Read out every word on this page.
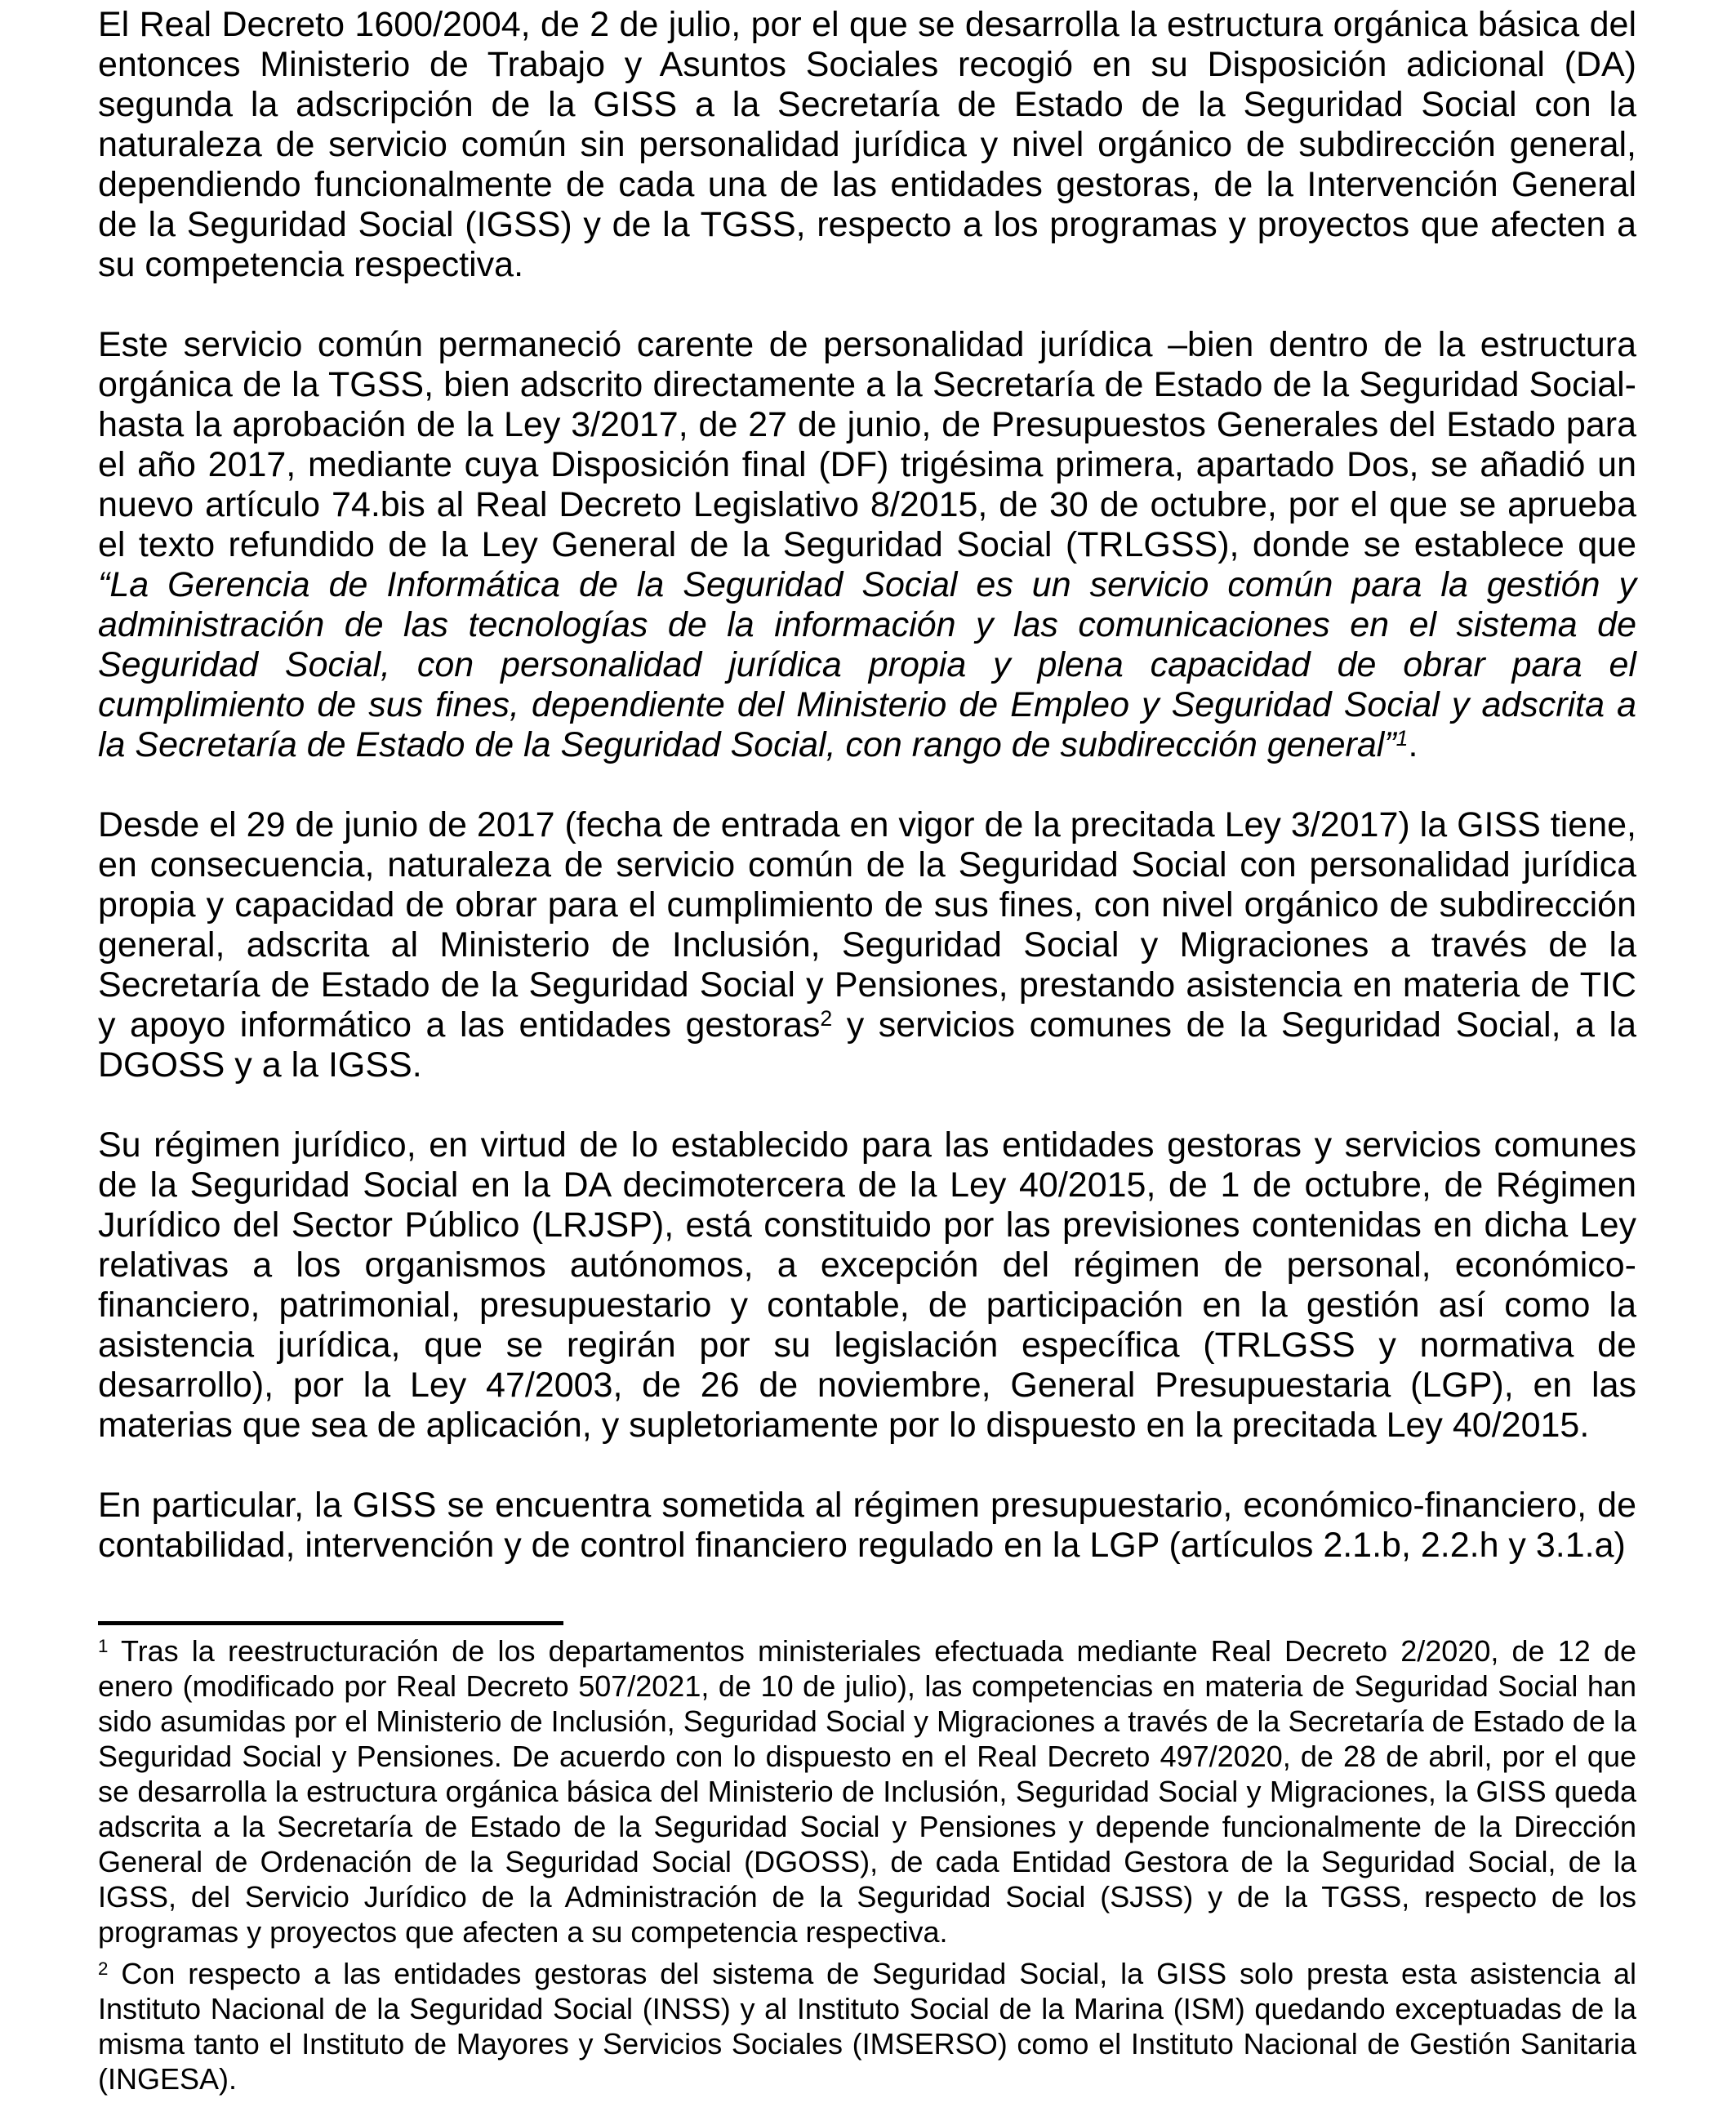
El Real Decreto 1600/2004, de 2 de julio, por el que se desarrolla la estructura orgánica básica del entonces Ministerio de Trabajo y Asuntos Sociales recogió en su Disposición adicional (DA) segunda la adscripción de la GISS a la Secretaría de Estado de la Seguridad Social con la naturaleza de servicio común sin personalidad jurídica y nivel orgánico de subdirección general, dependiendo funcionalmente de cada una de las entidades gestoras, de la Intervención General de la Seguridad Social (IGSS) y de la TGSS, respecto a los programas y proyectos que afecten a su competencia respectiva.

Este servicio común permaneció carente de personalidad jurídica –bien dentro de la estructura orgánica de la TGSS, bien adscrito directamente a la Secretaría de Estado de la Seguridad Social- hasta la aprobación de la Ley 3/2017, de 27 de junio, de Presupuestos Generales del Estado para el año 2017, mediante cuya Disposición final (DF) trigésima primera, apartado Dos, se añadió un nuevo artículo 74.bis al Real Decreto Legislativo 8/2015, de 30 de octubre, por el que se aprueba el texto refundido de la Ley General de la Seguridad Social (TRLGSS), donde se establece que “La Gerencia de Informática de la Seguridad Social es un servicio común para la gestión y administración de las tecnologías de la información y las comunicaciones en el sistema de Seguridad Social, con personalidad jurídica propia y plena capacidad de obrar para el cumplimiento de sus fines, dependiente del Ministerio de Empleo y Seguridad Social y adscrita a la Secretaría de Estado de la Seguridad Social, con rango de subdirección general”$^1$.

Desde el 29 de junio de 2017 (fecha de entrada en vigor de la precitada Ley 3/2017) la GISS tiene, en consecuencia, naturaleza de servicio común de la Seguridad Social con personalidad jurídica propia y capacidad de obrar para el cumplimiento de sus fines, con nivel orgánico de subdirección general, adscrita al Ministerio de Inclusión, Seguridad Social y Migraciones a través de la Secretaría de Estado de la Seguridad Social y Pensiones, prestando asistencia en materia de TIC y apoyo informático a las entidades gestoras$^2$ y servicios comunes de la Seguridad Social, a la DGOSS y a la IGSS.

Su régimen jurídico, en virtud de lo establecido para las entidades gestoras y servicios comunes de la Seguridad Social en la DA decimotercera de la Ley 40/2015, de 1 de octubre, de Régimen Jurídico del Sector Público (LRJSP), está constituido por las previsiones contenidas en dicha Ley relativas a los organismos autónomos, a excepción del régimen de personal, económico-financiero, patrimonial, presupuestario y contable, de participación en la gestión así como la asistencia jurídica, que se regirán por su legislación específica (TRLGSS y normativa de desarrollo), por la Ley 47/2003, de 26 de noviembre, General Presupuestaria (LGP), en las materias que sea de aplicación, y supletoriamente por lo dispuesto en la precitada Ley 40/2015.

En particular, la GISS se encuentra sometida al régimen presupuestario, económico-financiero, de contabilidad, intervención y de control financiero regulado en la LGP (artículos 2.1.b, 2.2.h y 3.1.a)

$^1$ Tras la reestructuración de los departamentos ministeriales efectuada mediante Real Decreto 2/2020, de 12 de enero (modificado por Real Decreto 507/2021, de 10 de julio), las competencias en materia de Seguridad Social han sido asumidas por el Ministerio de Inclusión, Seguridad Social y Migraciones a través de la Secretaría de Estado de la Seguridad Social y Pensiones. De acuerdo con lo dispuesto en el Real Decreto 497/2020, de 28 de abril, por el que se desarrolla la estructura orgánica básica del Ministerio de Inclusión, Seguridad Social y Migraciones, la GISS queda adscrita a la Secretaría de Estado de la Seguridad Social y Pensiones y depende funcionalmente de la Dirección General de Ordenación de la Seguridad Social (DGOSS), de cada Entidad Gestora de la Seguridad Social, de la IGSS, del Servicio Jurídico de la Administración de la Seguridad Social (SJSS) y de la TGSS, respecto de los programas y proyectos que afecten a su competencia respectiva.

$^2$ Con respecto a las entidades gestoras del sistema de Seguridad Social, la GISS solo presta esta asistencia al Instituto Nacional de la Seguridad Social (INSS) y al Instituto Social de la Marina (ISM) quedando exceptuadas de la misma tanto el Instituto de Mayores y Servicios Sociales (IMSERSO) como el Instituto Nacional de Gestión Sanitaria (INGESA).
